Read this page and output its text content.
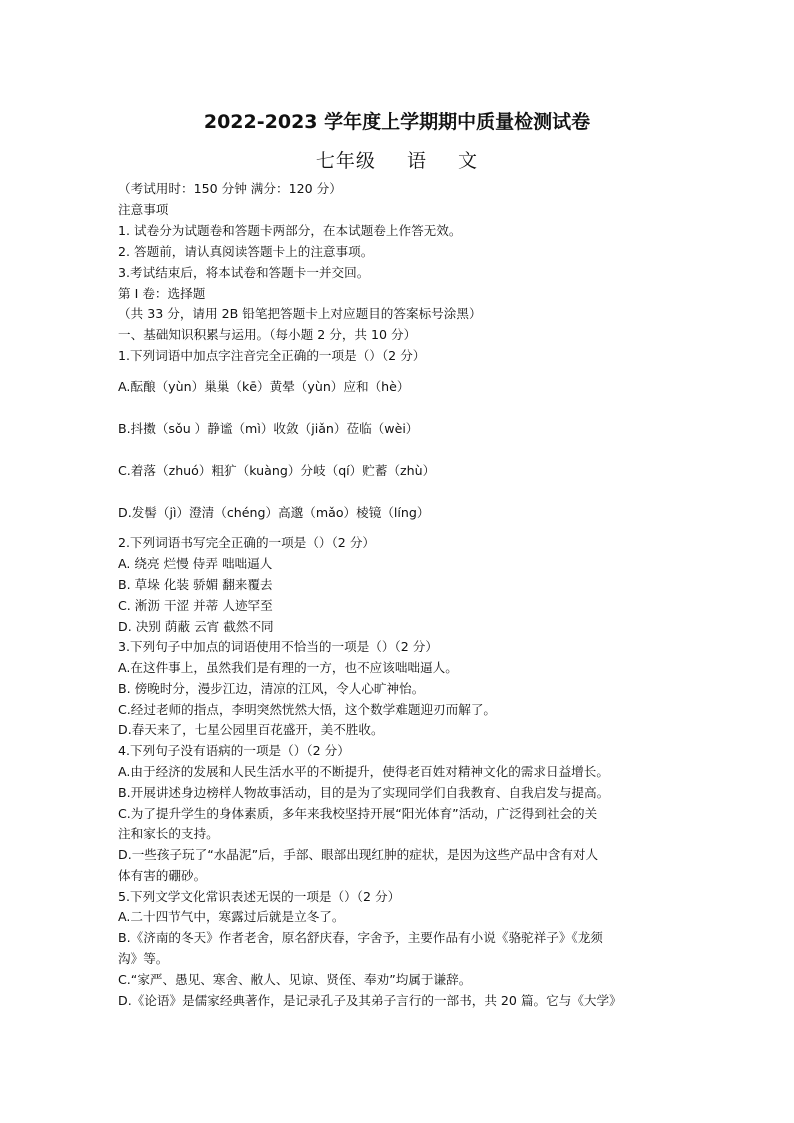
2022-2023 学年度上学期期中质量检测试卷
七年级 语 文
（考试用时：150 分钟 满分：120 分）
注意事项
1. 试卷分为试题卷和答题卡两部分，在本试题卷上作答无效。
2. 答题前，请认真阅读答题卡上的注意事项。
3.考试结束后，将本试卷和答题卡一并交回。
第 I 卷：选择题
（共 33 分，请用 2B 铅笔把答题卡上对应题目的答案标号涂黑）
一、基础知识积累与运用。（每小题 2 分，共 10 分）
1.下列词语中加点字注音完全正确的一项是（）（2 分）
A.酝酿（yùn）巢巢（kē）黄晕（yùn）应和（hè）
B.抖擞（sǒu ）静谧（mì）收敛（jiǎn）莅临（wèi）
C.着落（zhuó）粗犷（kuàng）分岐（qí）贮蓄（zhù）
D.发髻（jì）澄清（chéng）高邈（mǎo）棱镜（líng）
2.下列词语书写完全正确的一项是（）（2 分）
A. 绕亮 烂慢 侍弄 咄咄逼人
B. 草垛 化装 骄媚 翻来覆去
C. 淅沥 干涩 并蒂 人迹罕至
D. 决别 荫蔽 云宵 截然不同
3.下列句子中加点的词语使用不恰当的一项是（）（2 分）
A.在这件事上，虽然我们是有理的一方，也不应该咄咄逼人。
B. 傍晚时分，漫步江边，清凉的江风，令人心旷神怡。
C.经过老师的指点，李明突然恍然大悟，这个数学难题迎刃而解了。
D.春天来了，七星公园里百花盛开，美不胜收。
4.下列句子没有语病的一项是（）（2 分）
A.由于经济的发展和人民生活水平的不断提升，使得老百姓对精神文化的需求日益增长。
B.开展讲述身边榜样人物故事活动，目的是为了实现同学们自我教育、自我启发与提高。
C.为了提升学生的身体素质，多年来我校坚持开展“阳光体育”活动，广泛得到社会的关
注和家长的支持。
D.一些孩子玩了“水晶泥”后，手部、眼部出现红肿的症状，是因为这些产品中含有对人
体有害的硼砂。
5.下列文学文化常识表述无误的一项是（）（2 分）
A.二十四节气中，寒露过后就是立冬了。
B.《济南的冬天》作者老舍，原名舒庆春，字舍予，主要作品有小说《骆驼祥子》《龙须
沟》等。
C.“家严、愚见、寒舍、敝人、见谅、贤侄、奉劝”均属于谦辞。
D.《论语》是儒家经典著作，是记录孔子及其弟子言行的一部书，共 20 篇。它与《大学》
